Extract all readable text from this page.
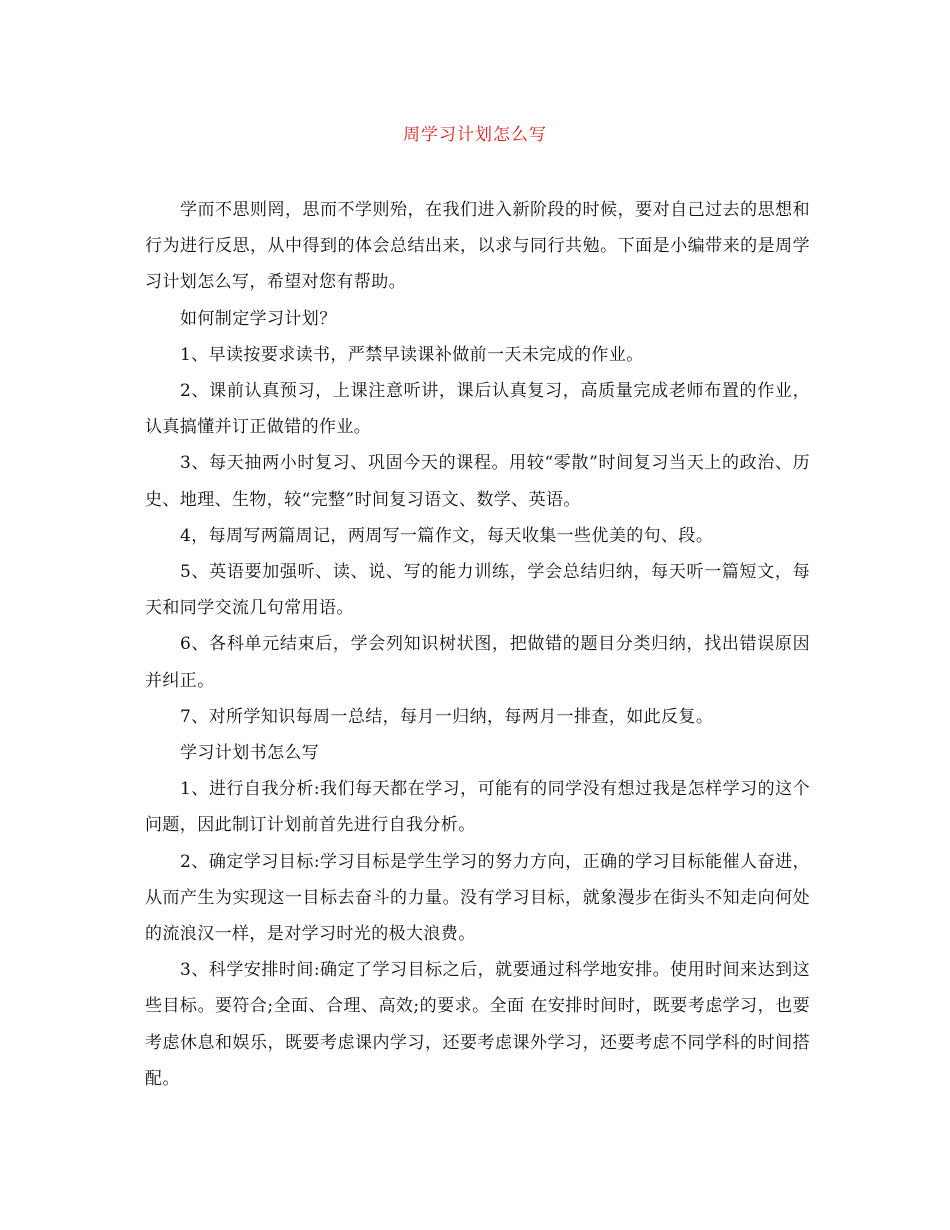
周学习计划怎么写

学而不思则罔，思而不学则殆，在我们进入新阶段的时候，要对自己过去的思想和行为进行反思，从中得到的体会总结出来，以求与同行共勉。下面是小编带来的是周学习计划怎么写，希望对您有帮助。

如何制定学习计划？

1、早读按要求读书，严禁早读课补做前一天未完成的作业。

2、课前认真预习，上课注意听讲，课后认真复习，高质量完成老师布置的作业，认真搞懂并订正做错的作业。

3、每天抽两小时复习、巩固今天的课程。用较“零散”时间复习当天上的政治、历史、地理、生物，较“完整”时间复习语文、数学、英语。

4，每周写两篇周记，两周写一篇作文，每天收集一些优美的句、段。

5、英语要加强听、读、说、写的能力训练，学会总结归纳，每天听一篇短文，每天和同学交流几句常用语。

6、各科单元结束后，学会列知识树状图，把做错的题目分类归纳，找出错误原因并纠正。

7、对所学知识每周一总结，每月一归纳，每两月一排查，如此反复。

学习计划书怎么写

1、进行自我分析:我们每天都在学习，可能有的同学没有想过我是怎样学习的这个问题，因此制订计划前首先进行自我分析。

2、确定学习目标:学习目标是学生学习的努力方向，正确的学习目标能催人奋进，从而产生为实现这一目标去奋斗的力量。没有学习目标，就象漫步在街头不知走向何处的流浪汉一样，是对学习时光的极大浪费。

3、科学安排时间:确定了学习目标之后，就要通过科学地安排。使用时间来达到这些目标。要符合;全面、合理、高效;的要求。全面 在安排时间时，既要考虑学习，也要考虑休息和娱乐，既要考虑课内学习，还要考虑课外学习，还要考虑不同学科的时间搭配。
